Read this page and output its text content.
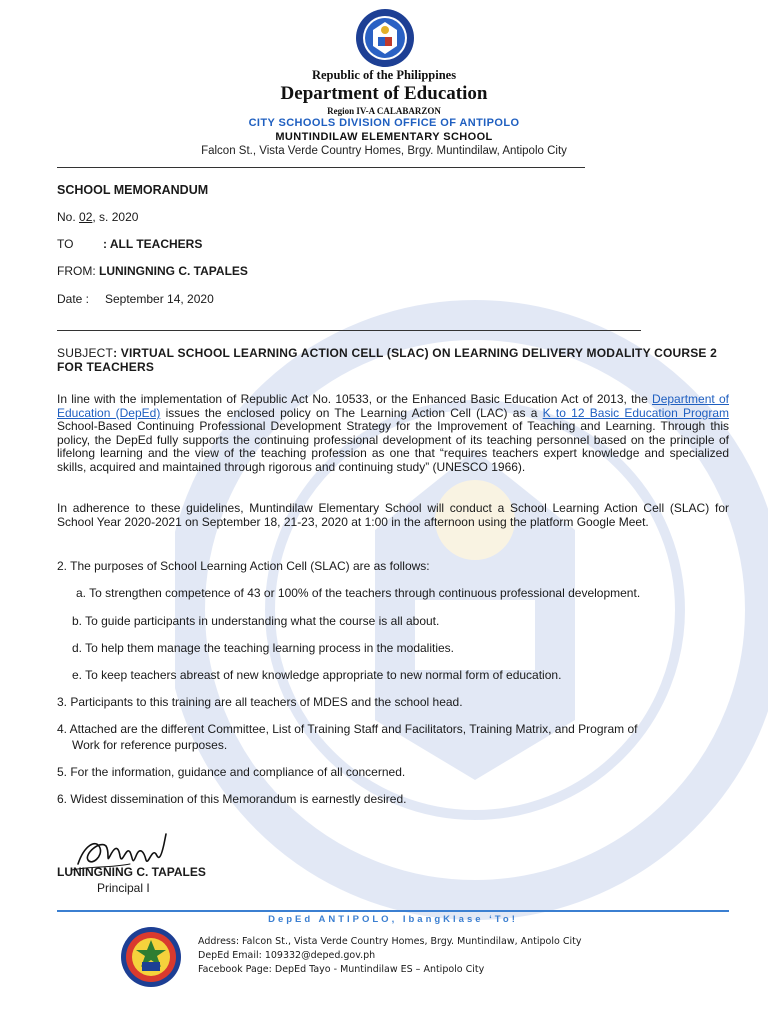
Republic of the Philippines
Department of Education
Region IV-A CALABARZON
CITY SCHOOLS DIVISION OFFICE OF ANTIPOLO
MUNTINDILAW ELEMENTARY SCHOOL
Falcon St., Vista Verde Country Homes, Brgy. Muntindilaw, Antipolo City
SCHOOL MEMORANDUM
No. 02, s. 2020
TO : ALL TEACHERS
FROM: LUNINGNING C. TAPALES
Date : September 14, 2020
SUBJECT: VIRTUAL SCHOOL LEARNING ACTION CELL (SLAC) ON LEARNING DELIVERY MODALITY COURSE 2 FOR TEACHERS
In line with the implementation of Republic Act No. 10533, or the Enhanced Basic Education Act of 2013, the Department of Education (DepEd) issues the enclosed policy on The Learning Action Cell (LAC) as a K to 12 Basic Education Program School-Based Continuing Professional Development Strategy for the Improvement of Teaching and Learning. Through this policy, the DepEd fully supports the continuing professional development of its teaching personnel based on the principle of lifelong learning and the view of the teaching profession as one that “requires teachers expert knowledge and specialized skills, acquired and maintained through rigorous and continuing study” (UNESCO 1966).
In adherence to these guidelines, Muntindilaw Elementary School will conduct a School Learning Action Cell (SLAC) for School Year 2020-2021 on September 18, 21-23, 2020 at 1:00 in the afternoon using the platform Google Meet.
2. The purposes of School Learning Action Cell (SLAC) are as follows:
a. To strengthen competence of 43 or 100% of the teachers through continuous professional development.
b. To guide participants in understanding what the course is all about.
d. To help them manage the teaching learning process in the modalities.
e. To keep teachers abreast of new knowledge appropriate to new normal form of education.
3. Participants to this training are all teachers of MDES and the school head.
4. Attached are the different Committee, List of Training Staff and Facilitators, Training Matrix, and Program of
Work for reference purposes.
5. For the information, guidance and compliance of all concerned.
6. Widest dissemination of this Memorandum is earnestly desired.
LUNINGNING C. TAPALES
Principal I
DepEd ANTIPOLO, IbangKlase ‘To!
Address: Falcon St., Vista Verde Country Homes, Brgy. Muntindilaw, Antipolo City
DepEd Email: 109332@deped.gov.ph
Facebook Page: DepEd Tayo - Muntindilaw ES – Antipolo City
